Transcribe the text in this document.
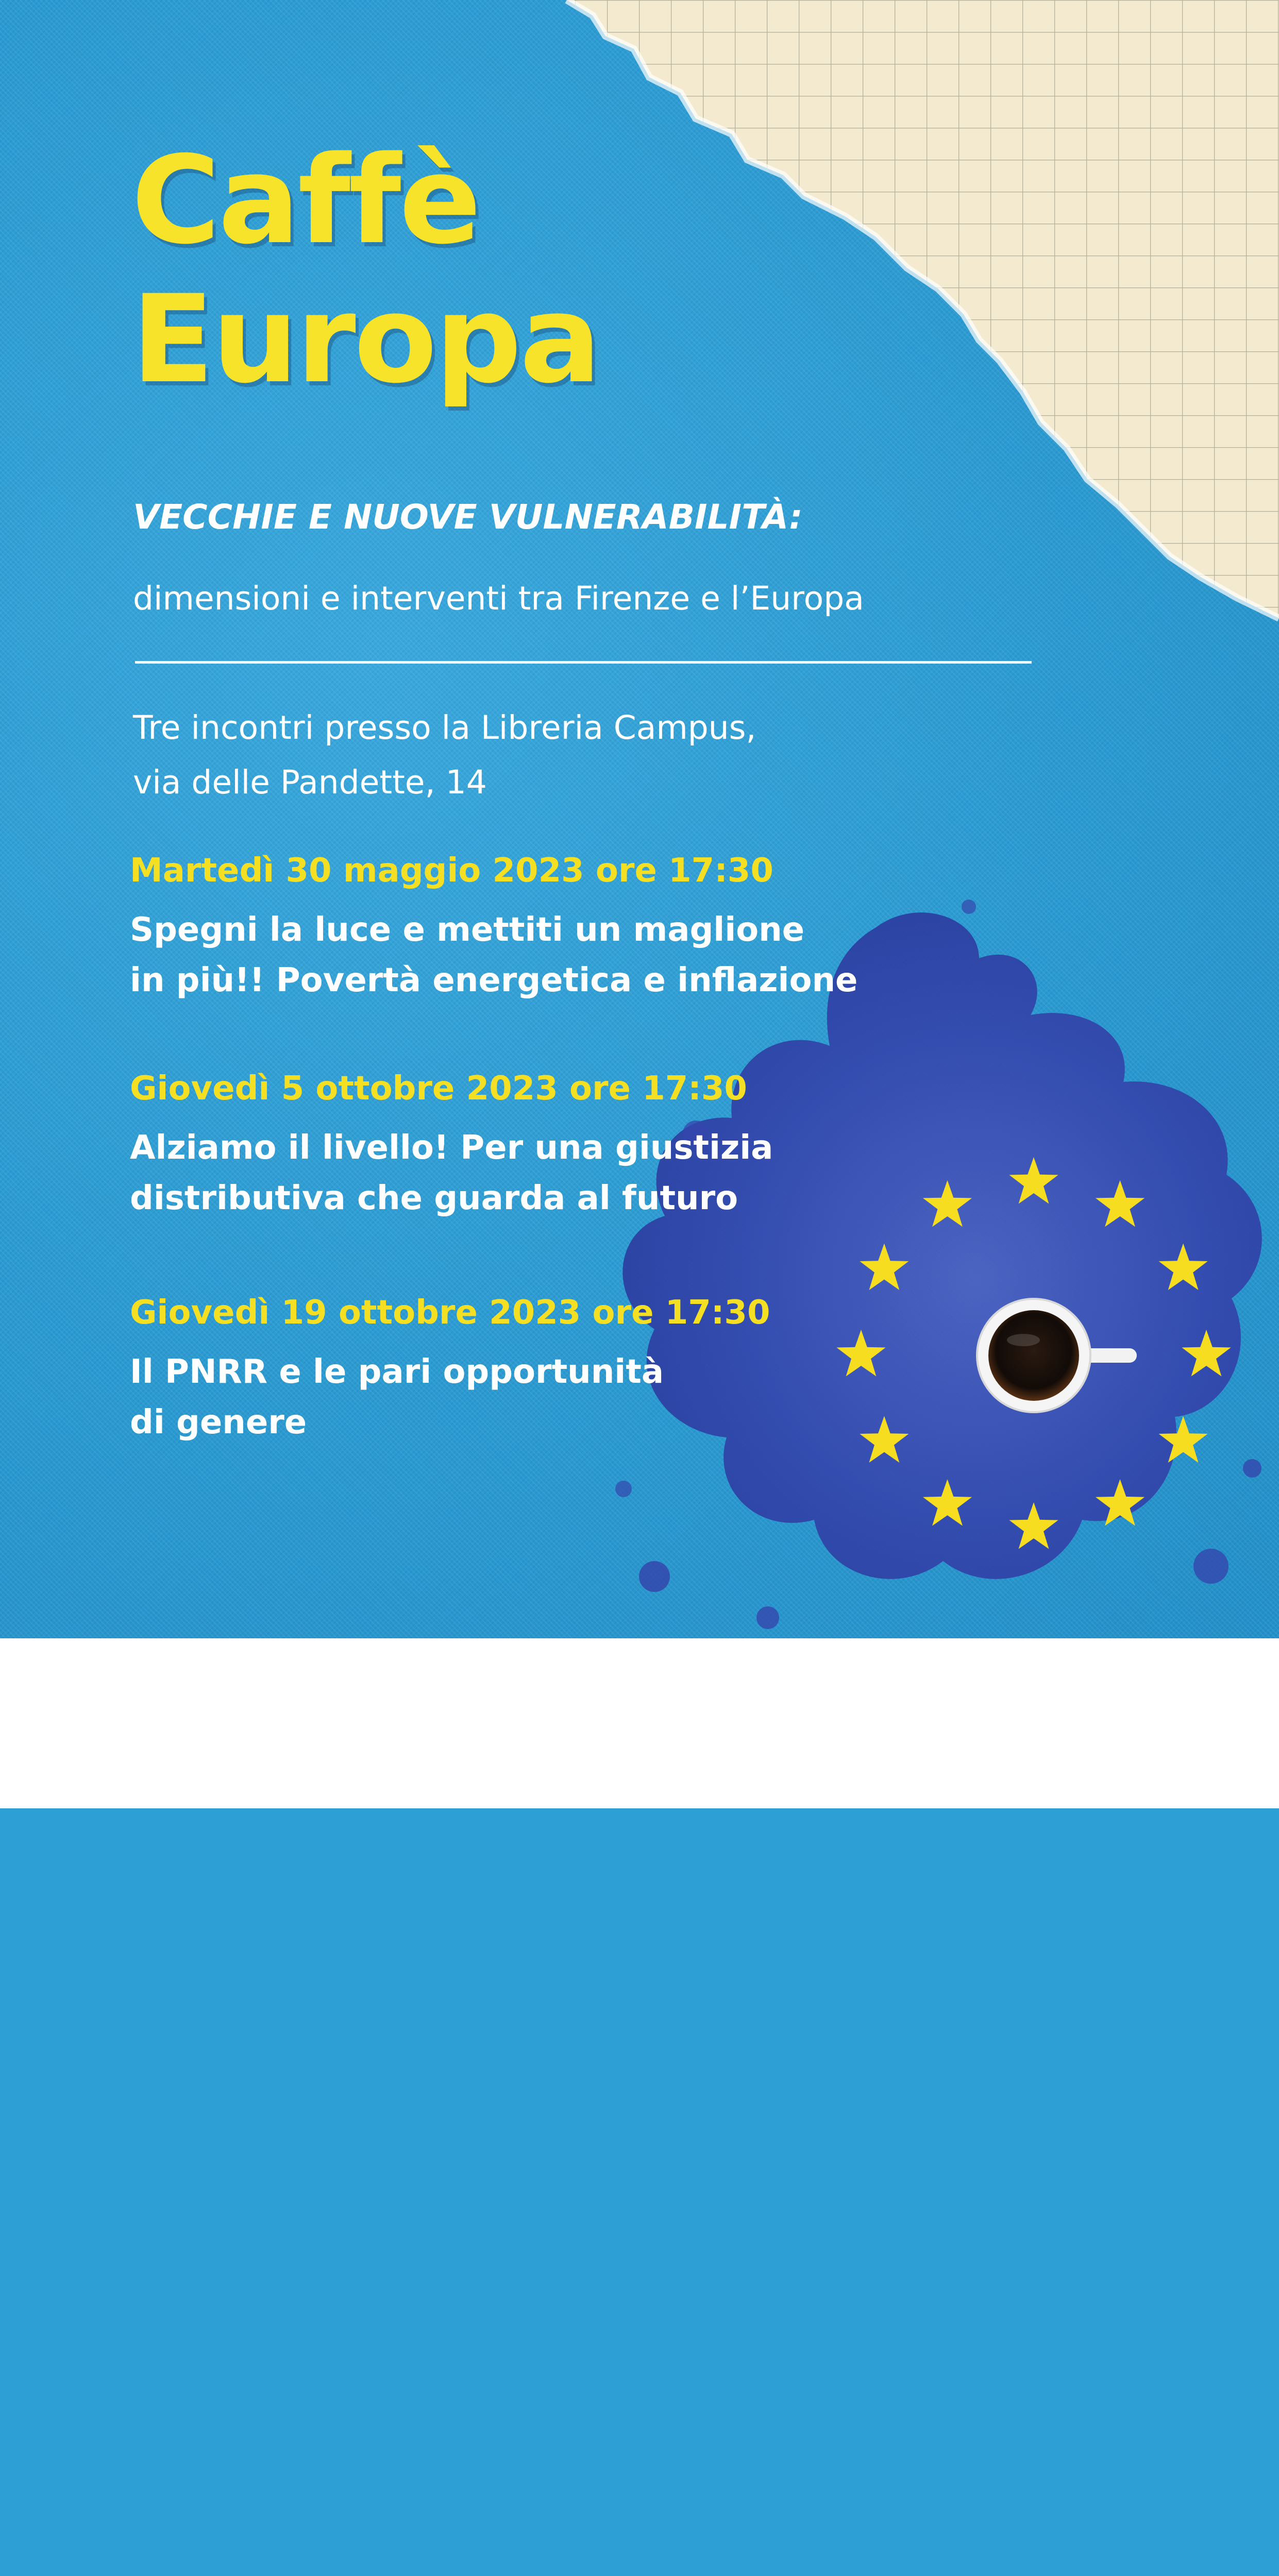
Caffè
Europa
VECCHIE E NUOVE VULNERABILITÀ:
dimensioni e interventi tra Firenze e l’Europa
Tre incontri presso la Libreria Campus,
via delle Pandette, 14
Martedì 30 maggio 2023 ore 17:30
Spegni la luce e mettiti un maglione
in più!! Povertà energetica e inflazione
Giovedì 5 ottobre 2023 ore 17:30
Alziamo il livello! Per una giustizia
distributiva che guarda al futuro
Giovedì 19 ottobre 2023 ore 17:30
Il PNRR e le pari opportunità
di genere
